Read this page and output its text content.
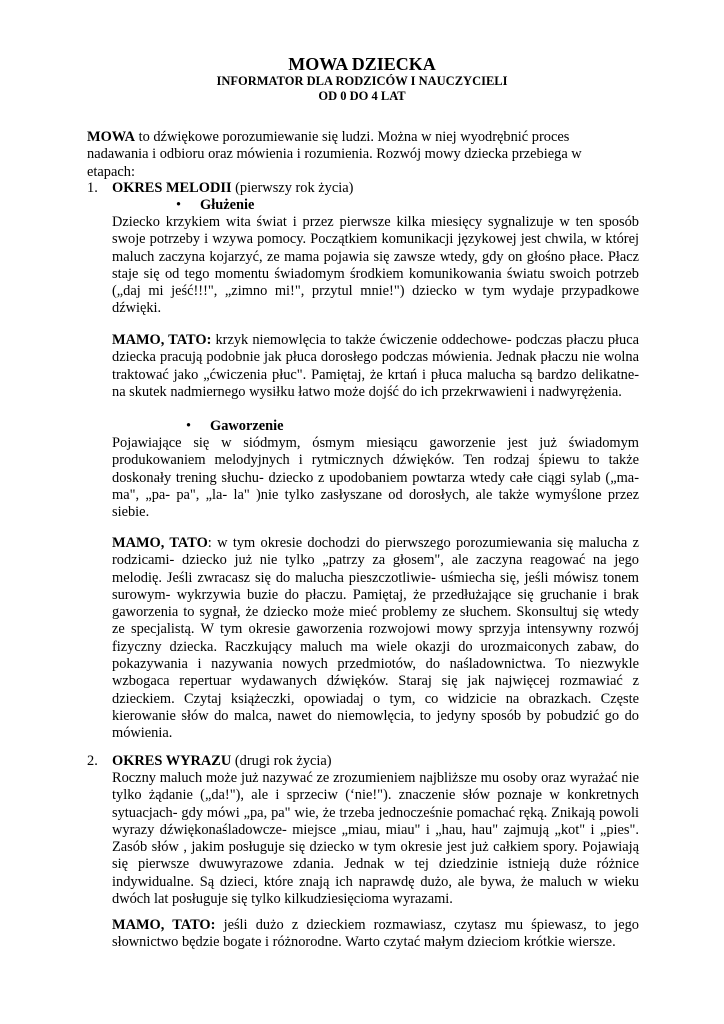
MOWA DZIECKA
INFORMATOR DLA RODZICÓW I NAUCZYCIELI
OD 0 DO 4 LAT
MOWA to dźwiękowe porozumiewanie się ludzi. Można w niej wyodrębnić proces nadawania i odbioru oraz mówienia i rozumienia. Rozwój mowy dziecka przebiega w etapach:
1. OKRES MELODII (pierwszy rok życia)
• Głużenie
Dziecko krzykiem wita świat i przez pierwsze kilka miesięcy sygnalizuje w ten sposób swoje potrzeby i wzywa pomocy. Początkiem komunikacji językowej jest chwila, w której maluch zaczyna kojarzyć, ze mama pojawia się zawsze wtedy, gdy on głośno płace. Płacz staje się od tego momentu świadomym środkiem komunikowania światu swoich potrzeb („daj mi jeść!!!", „zimno mi!", przytul mnie!") dziecko w tym wydaje przypadkowe dźwięki.
MAMO, TATO: krzyk niemowlęcia to także ćwiczenie oddechowe- podczas płaczu płuca dziecka pracują podobnie jak płuca dorosłego podczas mówienia. Jednak płaczu nie wolna traktować jako „ćwiczenia płuc". Pamiętaj, że krtań i płuca malucha są bardzo delikatne- na skutek nadmiernego wysiłku łatwo może dojść do ich przekrwawieni i nadwyrężenia.
• Gaworzenie
Pojawiające się w siódmym, ósmym miesiącu gaworzenie jest już świadomym produkowaniem melodyjnych i rytmicznych dźwięków. Ten rodzaj śpiewu to także doskonały trening słuchu- dziecko z upodobaniem powtarza wtedy całe ciągi sylab („ma-ma", „pa- pa", „la- la" )nie tylko zasłyszane od dorosłych, ale także wymyślone przez siebie.
MAMO, TATO: w tym okresie dochodzi do pierwszego porozumiewania się malucha z rodzicami- dziecko już nie tylko „patrzy za głosem", ale zaczyna reagować na jego melodię. Jeśli zwracasz się do malucha pieszczotliwie- uśmiecha się, jeśli mówisz tonem surowym- wykrzywia buzie do płaczu. Pamiętaj, że przedłużające się gruchanie i brak gaworzenia to sygnał, że dziecko może mieć problemy ze słuchem. Skonsultuj się wtedy ze specjalistą. W tym okresie gaworzenia rozwojowi mowy sprzyja intensywny rozwój fizyczny dziecka. Raczkujący maluch ma wiele okazji do urozmaiconych zabaw, do pokazywania i nazywania nowych przedmiotów, do naśladownictwa. To niezwykle wzbogaca repertuar wydawanych dźwięków. Staraj się jak najwięcej rozmawiać z dzieckiem. Czytaj książeczki, opowiadaj o tym, co widzicie na obrazkach. Częste kierowanie słów do malca, nawet do niemowlęcia, to jedyny sposób by pobudzić go do mówienia.
2. OKRES WYRAZU (drugi rok życia)
Roczny maluch może już nazywać ze zrozumieniem najbliższe mu osoby oraz wyrażać nie tylko żądanie („da!"), ale i sprzeciw (‘nie!"). znaczenie słów poznaje w konkretnych sytuacjach- gdy mówi „pa, pa" wie, że trzeba jednocześnie pomachać ręką. Znikają powoli wyrazy dźwiękonaśladowcze- miejsce „miau, miau" i „hau, hau" zajmują „kot" i „pies". Zasób słów , jakim posługuje się dziecko w tym okresie jest już całkiem spory. Pojawiają się pierwsze dwuwyrazowe zdania. Jednak w tej dziedzinie istnieją duże różnice indywidualne. Są dzieci, które znają ich naprawdę dużo, ale bywa, że maluch w wieku dwóch lat posługuje się tylko kilkudziesięcioma wyrazami.
MAMO, TATO: jeśli dużo z dzieckiem rozmawiasz, czytasz mu śpiewasz, to jego słownictwo będzie bogate i różnorodne. Warto czytać małym dzieciom krótkie wiersze.
